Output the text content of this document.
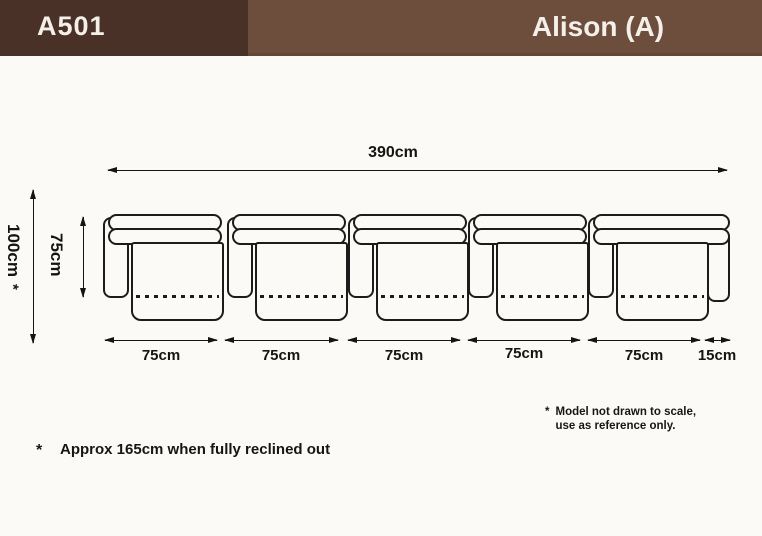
A501	Alison (A)
390cm
100cm
*
75cm
75cm	75cm	75cm	75cm	75cm	15cm
* Model not drawn to scale,
use as reference only.
* Approx 165cm when fully reclined out
